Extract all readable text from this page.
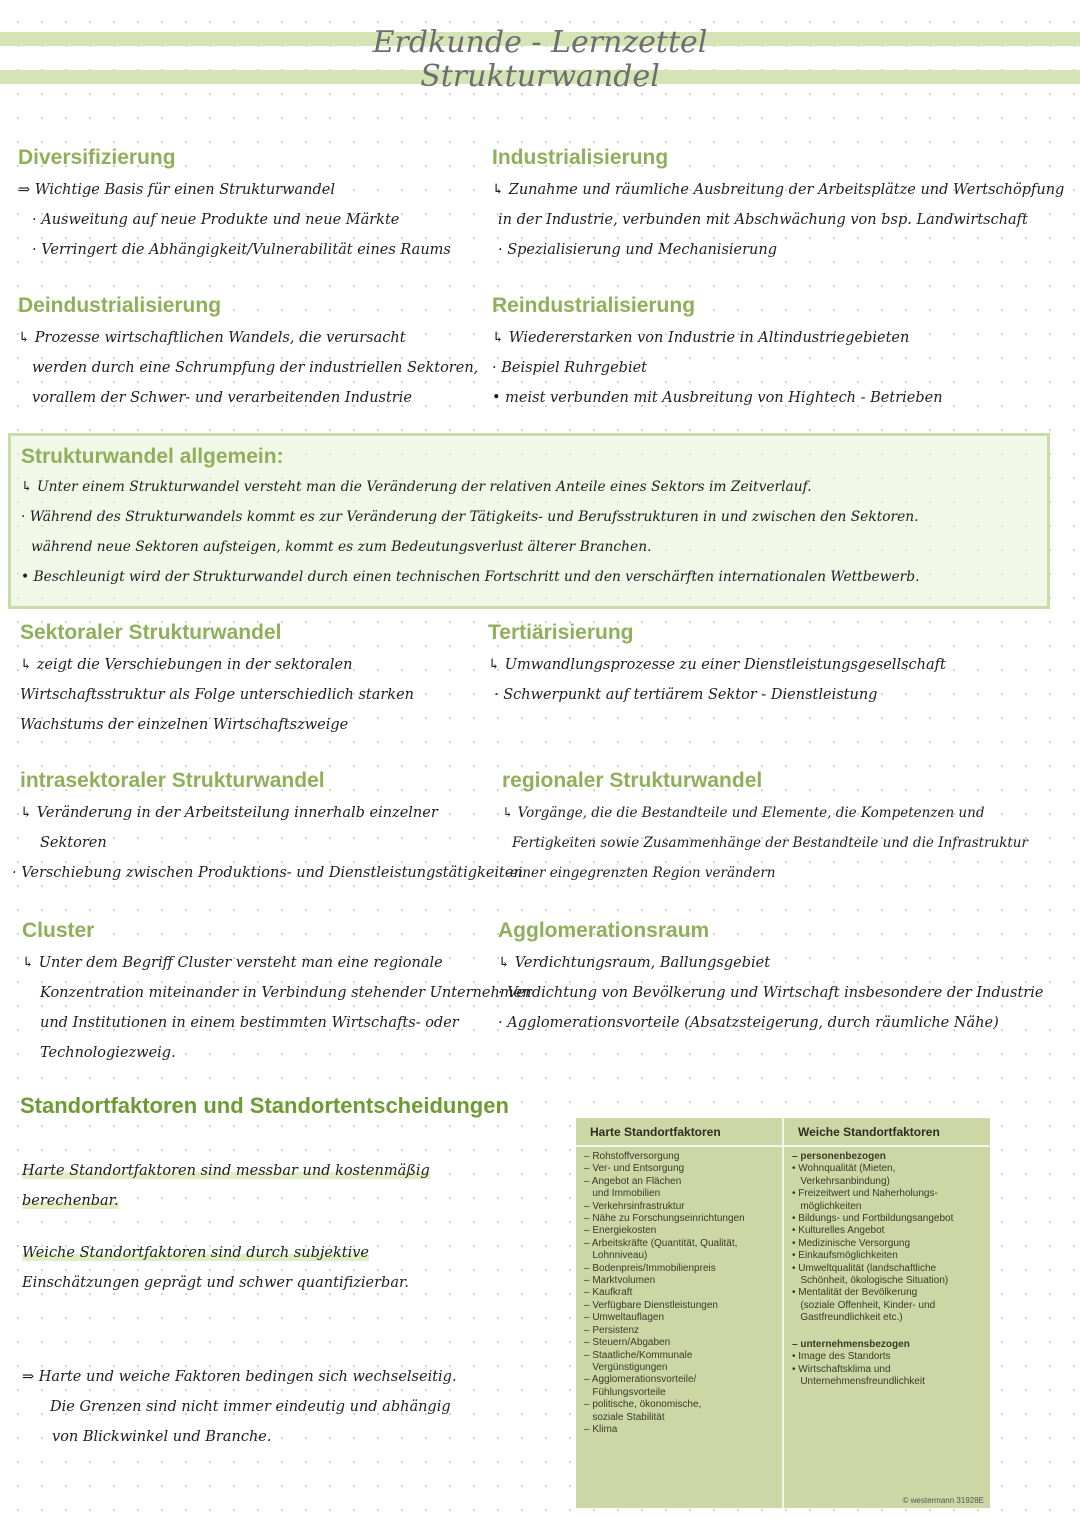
Erdkunde - Lernzettel
Strukturwandel
Diversifizierung
⇒ Wichtige Basis für einen Strukturwandel
· Ausweitung auf neue Produkte und neue Märkte
· Verringert die Abhängigkeit/Vulnerabilität eines Raums
Industrialisierung
↳ Zunahme und räumliche Ausbreitung der Arbeitsplätze und Wertschöpfung
in der Industrie, verbunden mit Abschwächung von bsp. Landwirtschaft
· Spezialisierung und Mechanisierung
Deindustrialisierung
↳ Prozesse wirtschaftlichen Wandels, die verursacht
werden durch eine Schrumpfung der industriellen Sektoren,
vorallem der Schwer- und verarbeitenden Industrie
Reindustrialisierung
↳ Wiedererstarken von Industrie in Altindustriegebieten
· Beispiel Ruhrgebiet
• meist verbunden mit Ausbreitung von Hightech - Betrieben
Strukturwandel allgemein:
↳ Unter einem Strukturwandel versteht man die Veränderung der relativen Anteile eines Sektors im Zeitverlauf.
· Während des Strukturwandels kommt es zur Veränderung der Tätigkeits- und Berufsstrukturen in und zwischen den Sektoren.
während neue Sektoren aufsteigen, kommt es zum Bedeutungsverlust älterer Branchen.
• Beschleunigt wird der Strukturwandel durch einen technischen Fortschritt und den verschärften internationalen Wettbewerb.
Sektoraler Strukturwandel
↳ zeigt die Verschiebungen in der sektoralen
Wirtschaftsstruktur als Folge unterschiedlich starken
Wachstums der einzelnen Wirtschaftszweige
Tertiärisierung
↳ Umwandlungsprozesse zu einer Dienstleistungsgesellschaft
· Schwerpunkt auf tertiärem Sektor - Dienstleistung
intrasektoraler Strukturwandel
↳ Veränderung in der Arbeitsteilung innerhalb einzelner
Sektoren
· Verschiebung zwischen Produktions- und Dienstleistungstätigkeiten
regionaler Strukturwandel
↳ Vorgänge, die die Bestandteile und Elemente, die Kompetenzen und
Fertigkeiten sowie Zusammenhänge der Bestandteile und die Infrastruktur
einer eingegrenzten Region verändern
Cluster
↳ Unter dem Begriff Cluster versteht man eine regionale
Konzentration miteinander in Verbindung stehender Unternehmen
und Institutionen in einem bestimmten Wirtschafts- oder
Technologiezweig.
Agglomerationsraum
↳ Verdichtungsraum, Ballungsgebiet
· Verdichtung von Bevölkerung und Wirtschaft insbesondere der Industrie
· Agglomerationsvorteile (Absatzsteigerung, durch räumliche Nähe)
Standortfaktoren und Standortentscheidungen
Harte Standortfaktoren sind messbar und kostenmäßig
berechenbar.
Weiche Standortfaktoren sind durch subjektive
Einschätzungen geprägt und schwer quantifizierbar.
⇒ Harte und weiche Faktoren bedingen sich wechselseitig.
Die Grenzen sind nicht immer eindeutig und abhängig
von Blickwinkel und Branche.
Harte Standortfaktoren
– Rohstoffversorgung
– Ver- und Entsorgung
– Angebot an Flächen
und Immobilien
– Verkehrsinfrastruktur
– Nähe zu Forschungseinrichtungen
– Energiekosten
– Arbeitskräfte (Quantität, Qualität,
Lohnniveau)
– Bodenpreis/Immobilienpreis
– Marktvolumen
– Kaufkraft
– Verfügbare Dienstleistungen
– Umweltauflagen
– Persistenz
– Steuern/Abgaben
– Staatliche/Kommunale
Vergünstigungen
– Agglomerationsvorteile/
Fühlungsvorteile
– politische, ökonomische,
soziale Stabilität
– Klima
Weiche Standortfaktoren
– personenbezogen
• Wohnqualität (Mieten,
Verkehrsanbindung)
• Freizeitwert und Naherholungs-
möglichkeiten
• Bildungs- und Fortbildungsangebot
• Kulturelles Angebot
• Medizinische Versorgung
• Einkaufsmöglichkeiten
• Umweltqualität (landschaftliche
Schönheit, ökologische Situation)
• Mentalität der Bevölkerung
(soziale Offenheit, Kinder- und
Gastfreundlichkeit etc.)
– unternehmensbezogen
• Image des Standorts
• Wirtschaftsklima und
Unternehmensfreundlichkeit
© westermann 31928E
